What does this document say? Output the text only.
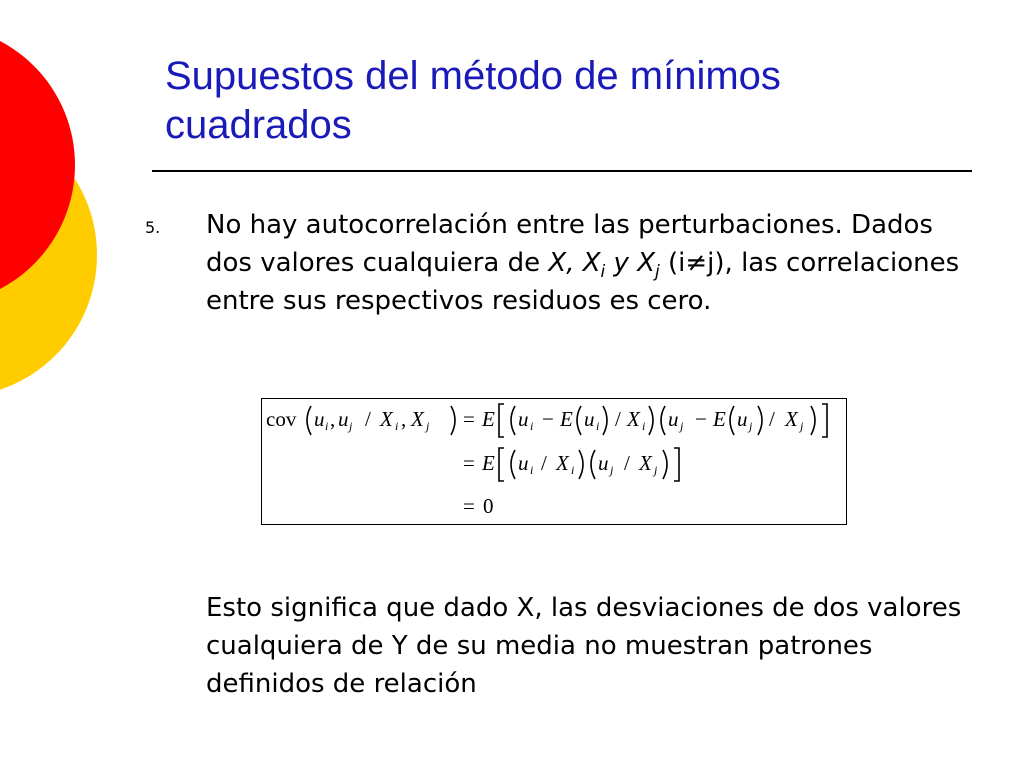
Supuestos del método de mínimos
cuadrados
5. No hay autocorrelación entre las perturbaciones. Dados dos valores cualquiera de X, $X_i$ y $X_j$ (i≠j), las correlaciones entre sus respectivos residuos es cero.

cov u i , u j / X i , X j = E u i − E u i / X i u j − E u j / X j
= E u i / X i u j / X j
= 0

Esto significa que dado X, las desviaciones de dos valores cualquiera de Y de su media no muestran patrones definidos de relación
